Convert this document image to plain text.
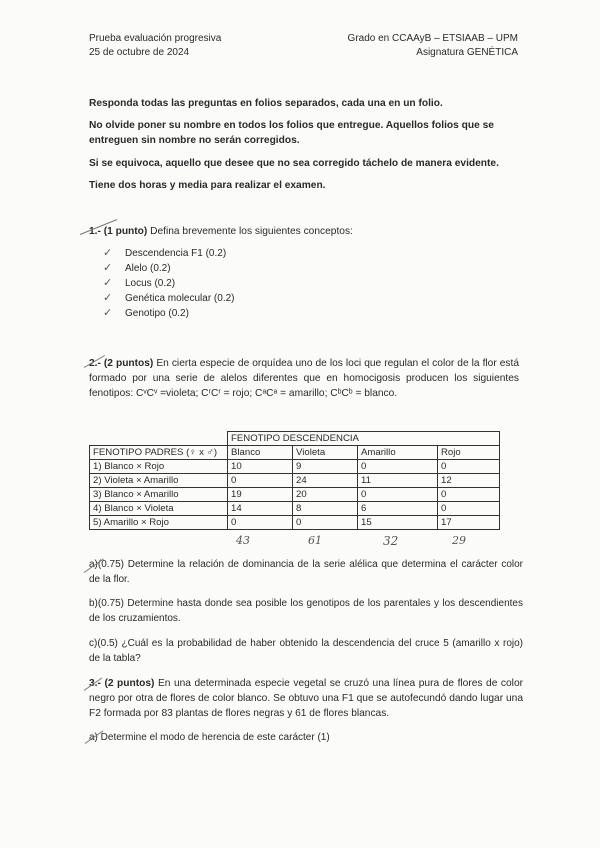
Prueba evaluación progresiva
25 de octubre de 2024
Grado en CCAAyB – ETSIAAB – UPM
Asignatura GENÉTICA
Responda todas las preguntas en folios separados, cada una en un folio.
No olvide poner su nombre en todos los folios que entregue. Aquellos folios que se entreguen sin nombre no serán corregidos.
Si se equivoca, aquello que desee que no sea corregido táchelo de manera evidente.
Tiene dos horas y media para realizar el examen.
1.- (1 punto) Defina brevemente los siguientes conceptos:
✓ Descendencia F1 (0.2)
✓ Alelo (0.2)
✓ Locus (0.2)
✓ Genética molecular (0.2)
✓ Genotipo (0.2)
2.- (2 puntos) En cierta especie de orquídea uno de los loci que regulan el color de la flor está formado por una serie de alelos diferentes que en homocigosis producen los siguientes fenotipos: CᵛCᵛ =violeta; CʳCʳ = rojo; CᵃCᵃ = amarillo; CᵇCᵇ = blanco.
	FENOTIPO DESCENDENCIA			
FENOTIPO PADRES (♀ x ♂)	Blanco	Violeta	Amarillo	Rojo
1) Blanco × Rojo	10	9	0	0
2) Violeta × Amarillo	0	24	11	12
3) Blanco × Amarillo	19	20	0	0
4) Blanco × Violeta	14	8	6	0
5) Amarillo × Rojo	0	0	15	17
43	61	32	29
a)(0.75) Determine la relación de dominancia de la serie alélica que determina el carácter color de la flor.
b)(0.75) Determine hasta donde sea posible los genotipos de los parentales y los descendientes de los cruzamientos.
c)(0.5) ¿Cuál es la probabilidad de haber obtenido la descendencia del cruce 5 (amarillo x rojo) de la tabla?
3.- (2 puntos) En una determinada especie vegetal se cruzó una línea pura de flores de color negro por otra de flores de color blanco. Se obtuvo una F1 que se autofecundó dando lugar una F2 formada por 83 plantas de flores negras y 61 de flores blancas.
a) Determine el modo de herencia de este carácter (1)
